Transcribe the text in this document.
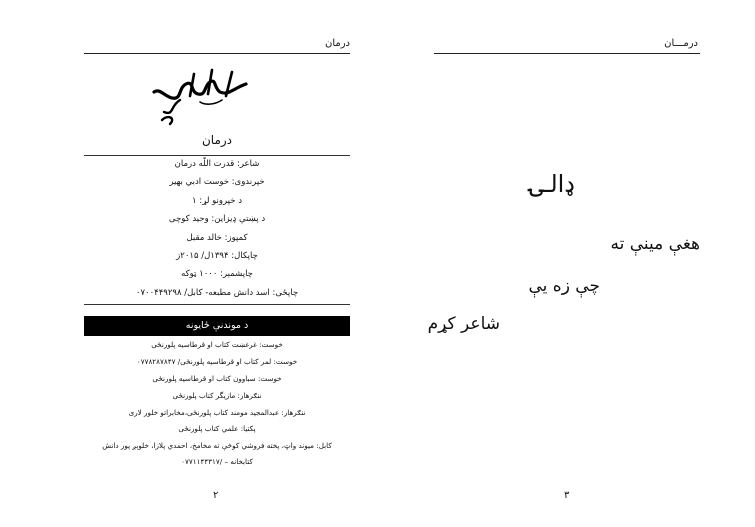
درمان
درمان
شاعر: قدرت اللّه درمان
خپرندوی: خوست ادبي بهیر
د خپرونو لړ: ۱
د پښتې ډیزاین: وحید کوچی
کمپوز: خالد مقبل
چاپکال: ۱۳۹۴ل/ ۲۰۱۵ز
چاپشمېر: ۱۰۰۰ ټوکه
چاپځی: اسد دانش مطبعه- کابل/ ۰۷۰۰۴۴۹۲۹۸
د موندنې ځایونه
خوست: غرغښت کتاب او قرطاسیه پلورنځی
خوست: لمر کتاب او قرطاسیه پلورنځی/ ۰۷۷۸۲۸۷۸۴۷
خوست: سباوون کتاب او قرطاسیه پلورنځی
ننګرهار: مازیگر کتاب پلورنځی
ننګرهار: عبدالمجید مومند کتاب پلورنځی،مخابراتو خلور لاری
پکتیا: علمي کتاب پلورنځی
کابل: میوند واټ، پخته فروشي کوڅې ته مخامخ، احمدي پلازا، خلوېږ پور دانش
کتابخانه – /۰۷۷۱۱۴۴۳۱۷
۲
درمـــان
ډالـۍ
هغې مینې ته
چې زه یې
شاعر کړم
۳
